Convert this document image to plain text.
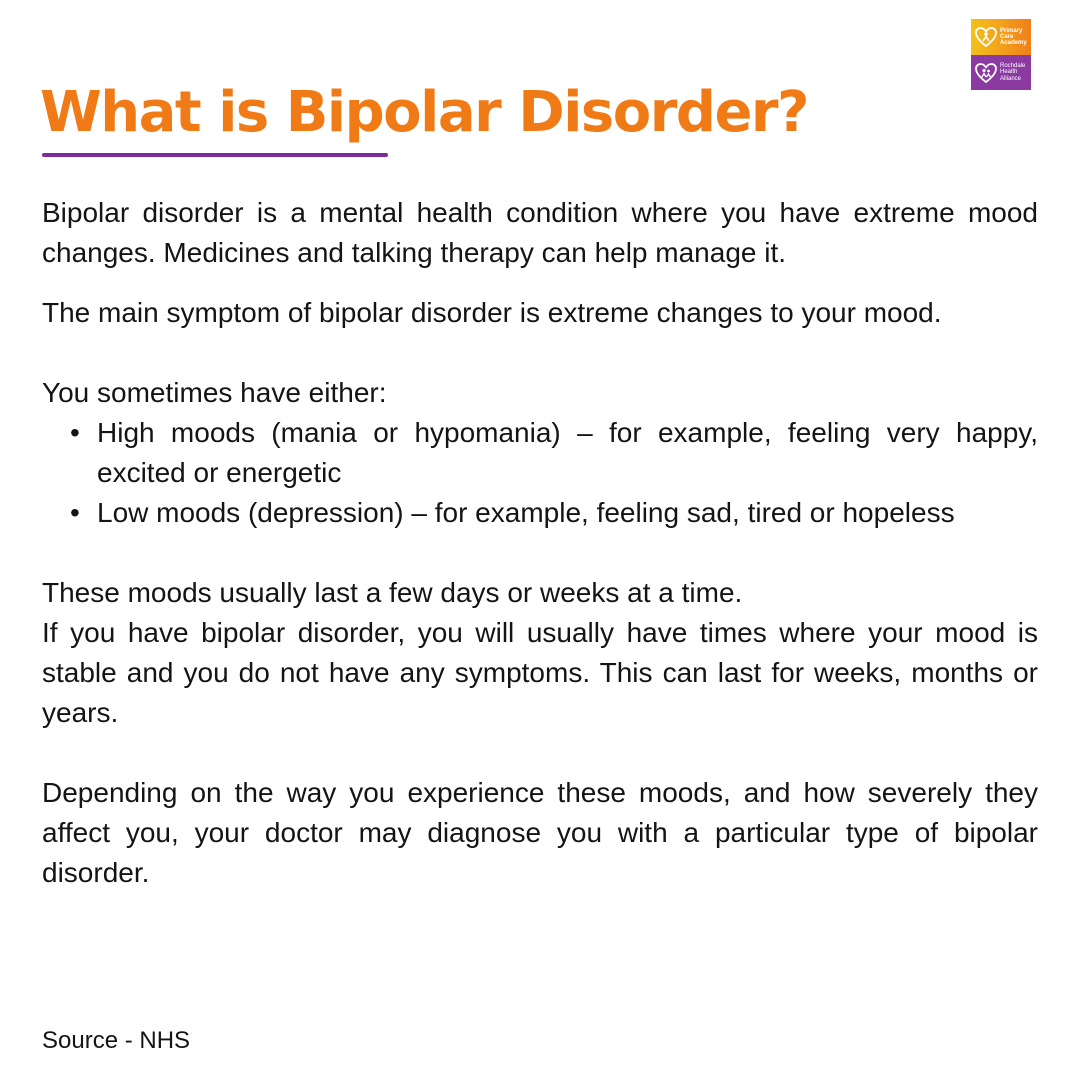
Primary
Care
Academy
Rochdale
Health
Alliance
What is Bipolar Disorder?

Bipolar disorder is a mental health condition where you have extreme mood changes. Medicines and talking therapy can help manage it.

The main symptom of bipolar disorder is extreme changes to your mood.

You sometimes have either:

• High moods (mania or hypomania) – for example, feeling very happy, excited or energetic
• Low moods (depression) – for example, feeling sad, tired or hopeless

These moods usually last a few days or weeks at a time.

If you have bipolar disorder, you will usually have times where your mood is stable and you do not have any symptoms. This can last for weeks, months or years.

Depending on the way you experience these moods, and how severely they affect you, your doctor may diagnose you with a particular type of bipolar disorder.

Source - NHS
